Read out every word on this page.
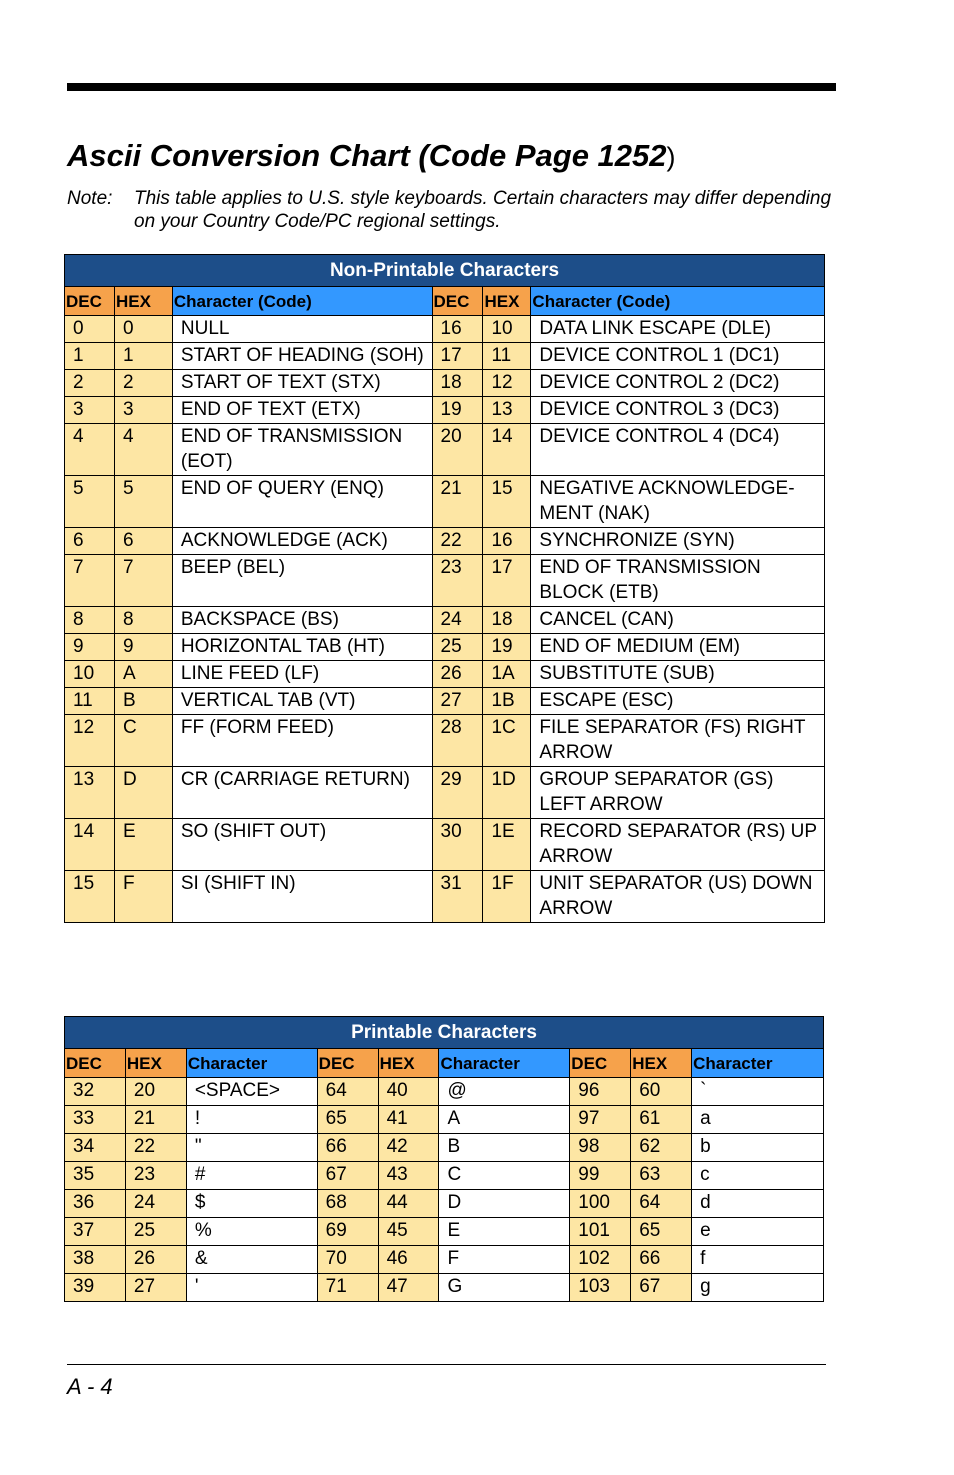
Ascii Conversion Chart (Code Page 1252)
Note: This table applies to U.S. style keyboards. Certain characters may differ depending on your Country Code/PC regional settings.
Non-Printable Characters					
DEC	HEX	Character (Code)	DEC	HEX	Character (Code)
0	0	NULL	16	10	DATA LINK ESCAPE (DLE)
1	1	START OF HEADING (SOH)	17	11	DEVICE CONTROL 1 (DC1)
2	2	START OF TEXT (STX)	18	12	DEVICE CONTROL 2 (DC2)
3	3	END OF TEXT (ETX)	19	13	DEVICE CONTROL 3 (DC3)
4	4	END OF TRANSMISSION (EOT)	20	14	DEVICE CONTROL 4 (DC4)
5	5	END OF QUERY (ENQ)	21	15	NEGATIVE ACKNOWLEDGE-MENT (NAK)
6	6	ACKNOWLEDGE (ACK)	22	16	SYNCHRONIZE (SYN)
7	7	BEEP (BEL)	23	17	END OF TRANSMISSION BLOCK (ETB)
8	8	BACKSPACE (BS)	24	18	CANCEL (CAN)
9	9	HORIZONTAL TAB (HT)	25	19	END OF MEDIUM (EM)
10	A	LINE FEED (LF)	26	1A	SUBSTITUTE (SUB)
11	B	VERTICAL TAB (VT)	27	1B	ESCAPE (ESC)
12	C	FF (FORM FEED)	28	1C	FILE SEPARATOR (FS) RIGHT ARROW
13	D	CR (CARRIAGE RETURN)	29	1D	GROUP SEPARATOR (GS) LEFT ARROW
14	E	SO (SHIFT OUT)	30	1E	RECORD SEPARATOR (RS) UP ARROW
15	F	SI (SHIFT IN)	31	1F	UNIT SEPARATOR (US) DOWN ARROW
Printable Characters								
DEC	HEX	Character	DEC	HEX	Character	DEC	HEX	Character
32	20	<SPACE>	64	40	@	96	60	`
33	21	!	65	41	A	97	61	a
34	22	"	66	42	B	98	62	b
35	23	#	67	43	C	99	63	c
36	24	$	68	44	D	100	64	d
37	25	%	69	45	E	101	65	e
38	26	&	70	46	F	102	66	f
39	27	'	71	47	G	103	67	g
A - 4
